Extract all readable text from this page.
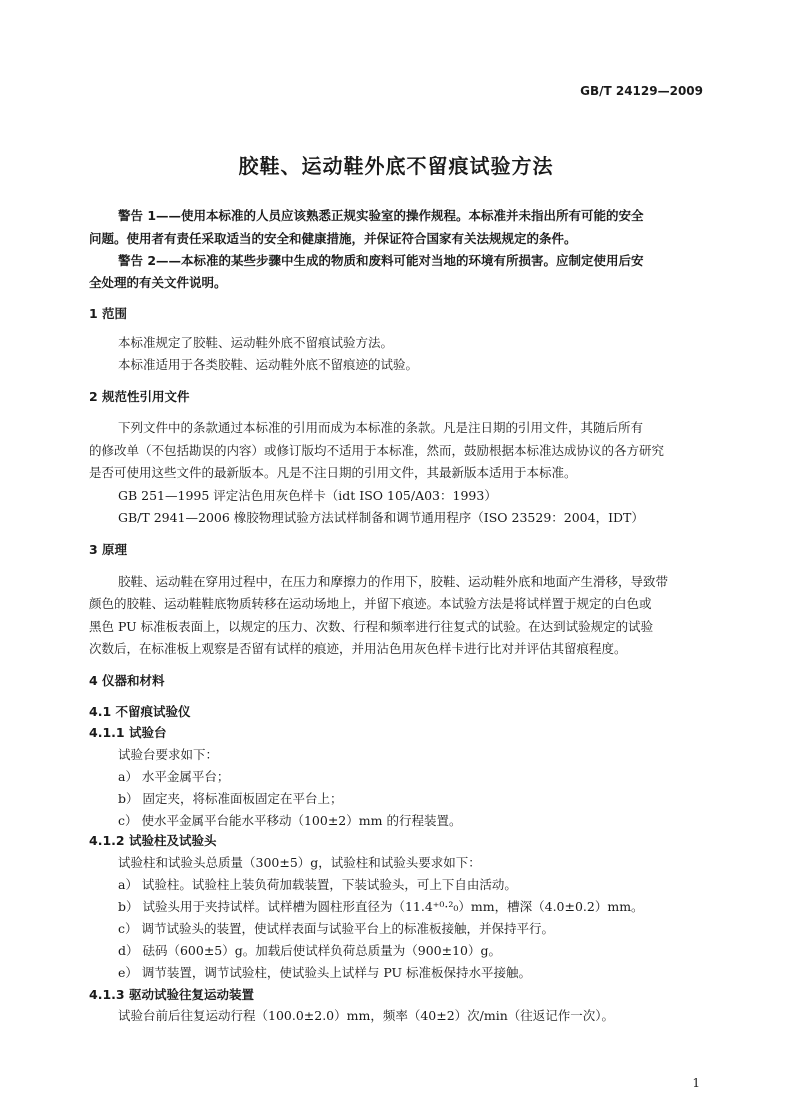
GB/T 24129—2009
胶鞋、运动鞋外底不留痕试验方法
警告 1——使用本标准的人员应该熟悉正规实验室的操作规程。本标准并未指出所有可能的安全
问题。使用者有责任采取适当的安全和健康措施，并保证符合国家有关法规规定的条件。
警告 2——本标准的某些步骤中生成的物质和废料可能对当地的环境有所损害。应制定使用后安
全处理的有关文件说明。
1 范围
本标准规定了胶鞋、运动鞋外底不留痕试验方法。
本标准适用于各类胶鞋、运动鞋外底不留痕迹的试验。
2 规范性引用文件
下列文件中的条款通过本标准的引用而成为本标准的条款。凡是注日期的引用文件，其随后所有
的修改单（不包括勘误的内容）或修订版均不适用于本标准，然而，鼓励根据本标准达成协议的各方研究
是否可使用这些文件的最新版本。凡是不注日期的引用文件，其最新版本适用于本标准。
GB 251—1995 评定沾色用灰色样卡（idt ISO 105/A03：1993）
GB/T 2941—2006 橡胶物理试验方法试样制备和调节通用程序（ISO 23529：2004，IDT）
3 原理
胶鞋、运动鞋在穿用过程中，在压力和摩擦力的作用下，胶鞋、运动鞋外底和地面产生滑移，导致带
颜色的胶鞋、运动鞋鞋底物质转移在运动场地上，并留下痕迹。本试验方法是将试样置于规定的白色或
黑色 PU 标准板表面上，以规定的压力、次数、行程和频率进行往复式的试验。在达到试验规定的试验
次数后，在标准板上观察是否留有试样的痕迹，并用沾色用灰色样卡进行比对并评估其留痕程度。
4 仪器和材料
4.1 不留痕试验仪
4.1.1 试验台
试验台要求如下：
a） 水平金属平台；
b） 固定夹，将标准面板固定在平台上；
c） 使水平金属平台能水平移动（100±2）mm 的行程装置。
4.1.2 试验柱及试验头
试验柱和试验头总质量（300±5）g，试验柱和试验头要求如下：
a） 试验柱。试验柱上装负荷加载装置，下装试验头，可上下自由活动。
b） 试验头用于夹持试样。试样槽为圆柱形直径为（11.4⁺⁰·²₀）mm，槽深（4.0±0.2）mm。
c） 调节试验头的装置，使试样表面与试验平台上的标准板接触，并保持平行。
d） 砝码（600±5）g。加载后使试样负荷总质量为（900±10）g。
e） 调节装置，调节试验柱，使试验头上试样与 PU 标准板保持水平接触。
4.1.3 驱动试验往复运动装置
试验台前后往复运动行程（100.0±2.0）mm，频率（40±2）次/min（往返记作一次）。
1
